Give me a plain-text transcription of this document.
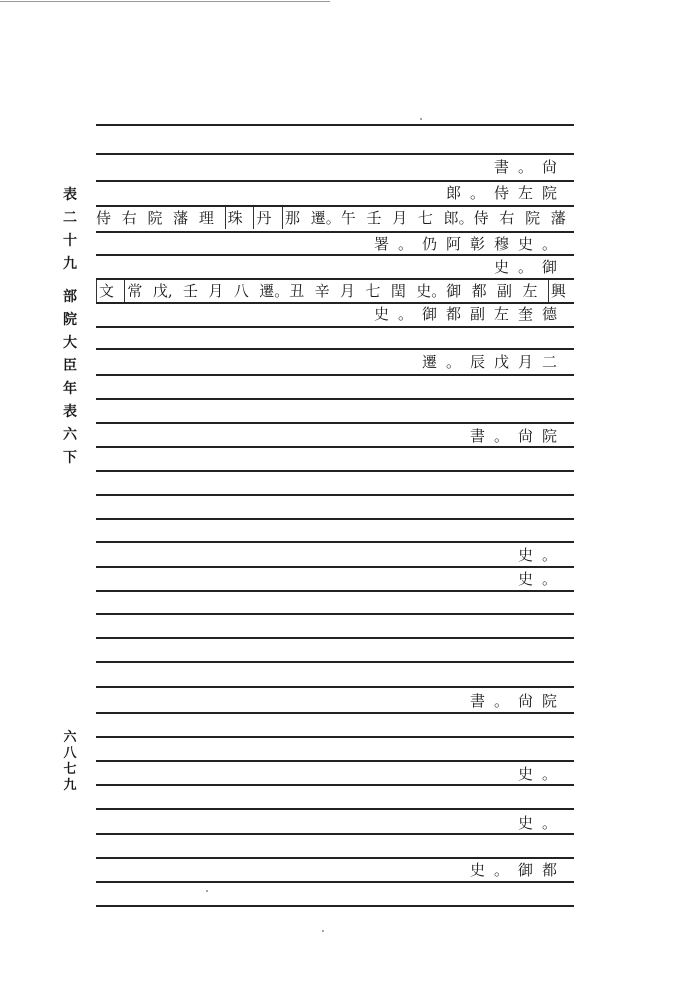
表
二
十
九
部
院
大
臣
年
表
六
下
六
八
七
九
書。尙
郞。侍左院
侍 右 院 藩 理 珠 丹 那 遷。午 壬 月 七 郎。侍 右 院 藩
署。仍阿彰穆史。
史。御
文 常 戊, 壬 月 八 遷。丑 辛 月 七 閏 史。御 都 副 左 興
史。御都副左奎德
遷。辰戊月二
書。尙院
史。
史。
書。尙院
史。
史。
史。御都
